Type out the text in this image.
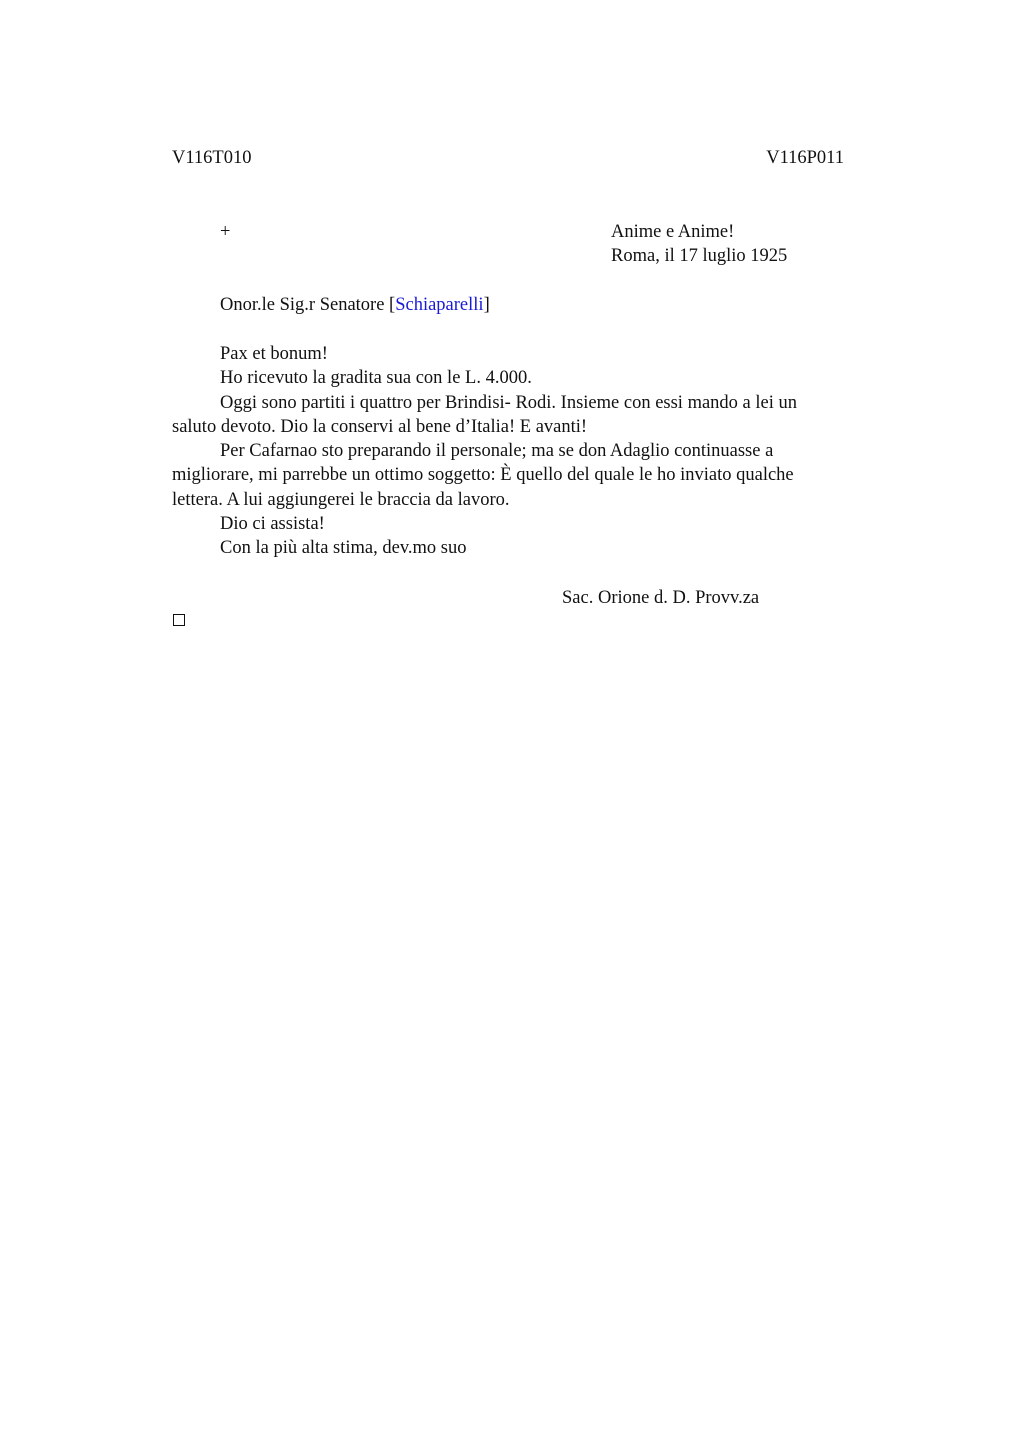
V116T010	V116P011
+	Anime e Anime!
Roma, il 17 luglio 1925
Onor.le Sig.r Senatore [Schiaparelli]

Pax et bonum!

Ho ricevuto la gradita sua con le L. 4.000.

Oggi sono partiti i quattro per Brindisi- Rodi. Insieme con essi mando a lei un saluto devoto. Dio la conservi al bene d’Italia! E avanti!

Per Cafarnao sto preparando il personale; ma se don Adaglio continuasse a migliorare, mi parrebbe un ottimo soggetto: È quello del quale le ho inviato qualche lettera. A lui aggiungerei le braccia da lavoro.

Dio ci assista!

Con la più alta stima, dev.mo suo

Sac. Orione d. D. Provv.za
